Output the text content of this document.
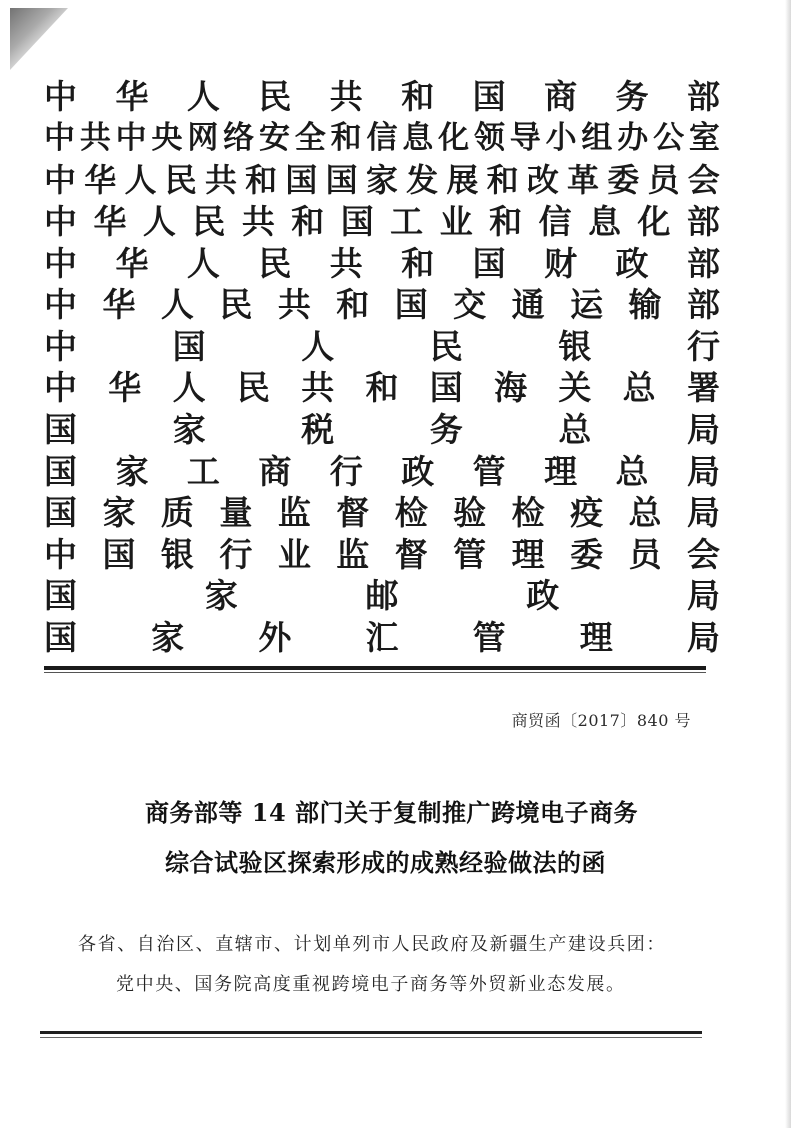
中 华 人 民 共 和 国 商 务 部
中 共 中 央 网 络 安 全 和 信 息 化 领 导 小 组 办 公 室
中 华 人 民 共 和 国 国 家 发 展 和 改 革 委 员 会
中 华 人 民 共 和 国 工 业 和 信 息 化 部
中 华 人 民 共 和 国 财 政 部
中 华 人 民 共 和 国 交 通 运 输 部
中	国	人	民	银	行
中 华 人 民 共 和 国 海 关 总 署
国	家	税	务	总	局
国 家 工 商 行 政 管 理 总 局
国 家 质 量 监 督 检 验 检 疫 总 局
中 国 银 行 业 监 督 管 理 委 员 会
国	家	邮	政	局
国 家 外 汇 管 理 局
商贸函〔2017〕840 号
商务部等 14 部门关于复制推广跨境电子商务
综合试验区探索形成的成熟经验做法的函
各省、自治区、直辖市、计划单列市人民政府及新疆生产建设兵团：
党中央、国务院高度重视跨境电子商务等外贸新业态发展。
